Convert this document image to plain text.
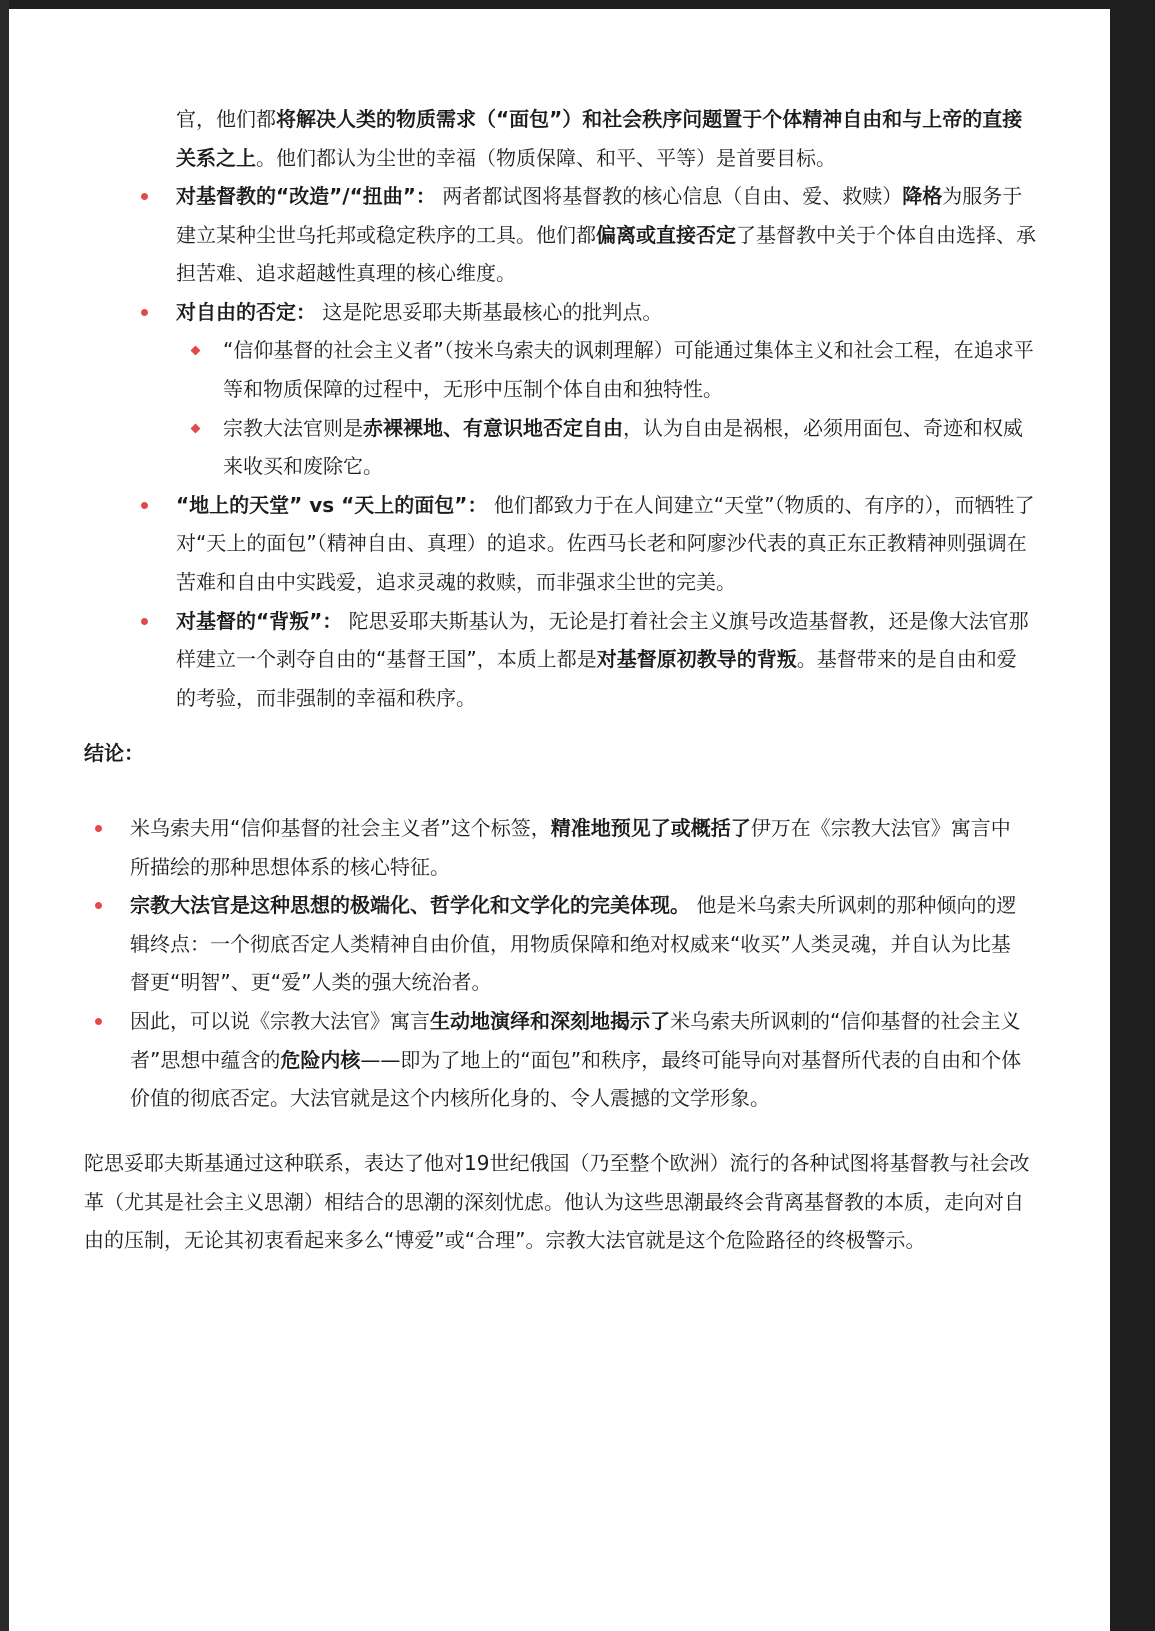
官，他们都将解决人类的物质需求（“面包”）和社会秩序问题置于个体精神自由和与上帝的直接关系之上。他们都认为尘世的幸福（物质保障、和平、平等）是首要目标。

对基督教的“改造”/“扭曲”： 两者都试图将基督教的核心信息（自由、爱、救赎）降格为服务于建立某种尘世乌托邦或稳定秩序的工具。他们都偏离或直接否定了基督教中关于个体自由选择、承担苦难、追求超越性真理的核心维度。
对自由的否定： 这是陀思妥耶夫斯基最核心的批判点。
“信仰基督的社会主义者”（按米乌索夫的讽刺理解）可能通过集体主义和社会工程，在追求平等和物质保障的过程中，无形中压制个体自由和独特性。
宗教大法官则是赤裸裸地、有意识地否定自由，认为自由是祸根，必须用面包、奇迹和权威来收买和废除它。
“地上的天堂” vs “天上的面包”： 他们都致力于在人间建立“天堂”（物质的、有序的），而牺牲了对“天上的面包”（精神自由、真理）的追求。佐西马长老和阿廖沙代表的真正东正教精神则强调在苦难和自由中实践爱，追求灵魂的救赎，而非强求尘世的完美。
对基督的“背叛”： 陀思妥耶夫斯基认为，无论是打着社会主义旗号改造基督教，还是像大法官那样建立一个剥夺自由的“基督王国”，本质上都是对基督原初教导的背叛。基督带来的是自由和爱的考验，而非强制的幸福和秩序。

结论：

米乌索夫用“信仰基督的社会主义者”这个标签，精准地预见了或概括了伊万在《宗教大法官》寓言中所描绘的那种思想体系的核心特征。
宗教大法官是这种思想的极端化、哲学化和文学化的完美体现。 他是米乌索夫所讽刺的那种倾向的逻辑终点：一个彻底否定人类精神自由价值，用物质保障和绝对权威来“收买”人类灵魂，并自认为比基督更“明智”、更“爱”人类的强大统治者。
因此，可以说《宗教大法官》寓言生动地演绎和深刻地揭示了米乌索夫所讽刺的“信仰基督的社会主义者”思想中蕴含的危险内核——即为了地上的“面包”和秩序，最终可能导向对基督所代表的自由和个体价值的彻底否定。大法官就是这个内核所化身的、令人震撼的文学形象。

陀思妥耶夫斯基通过这种联系，表达了他对19世纪俄国（乃至整个欧洲）流行的各种试图将基督教与社会改革（尤其是社会主义思潮）相结合的思潮的深刻忧虑。他认为这些思潮最终会背离基督教的本质，走向对自由的压制，无论其初衷看起来多么“博爱”或“合理”。宗教大法官就是这个危险路径的终极警示。
